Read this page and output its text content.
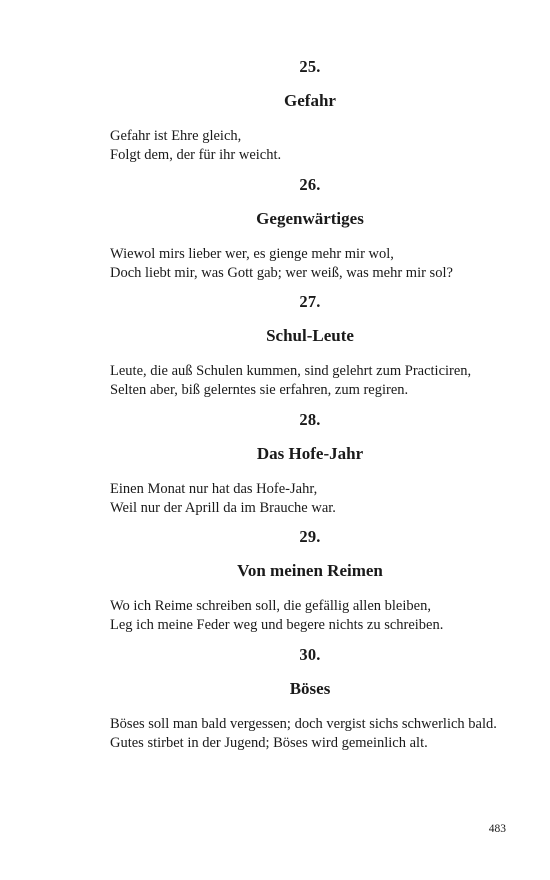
25.
Gefahr
Gefahr ist Ehre gleich,
Folgt dem, der für ihr weicht.
26.
Gegenwärtiges
Wiewol mirs lieber wer, es gienge mehr mir wol,
Doch liebt mir, was Gott gab; wer weiß, was mehr mir sol?
27.
Schul-Leute
Leute, die auß Schulen kummen, sind gelehrt zum Practiciren,
Selten aber, biß gelerntes sie erfahren, zum regiren.
28.
Das Hofe-Jahr
Einen Monat nur hat das Hofe-Jahr,
Weil nur der Aprill da im Brauche war.
29.
Von meinen Reimen
Wo ich Reime schreiben soll, die gefällig allen bleiben,
Leg ich meine Feder weg und begere nichts zu schreiben.
30.
Böses
Böses soll man bald vergessen; doch vergist sichs schwerlich bald.
Gutes stirbet in der Jugend; Böses wird gemeinlich alt.
483
